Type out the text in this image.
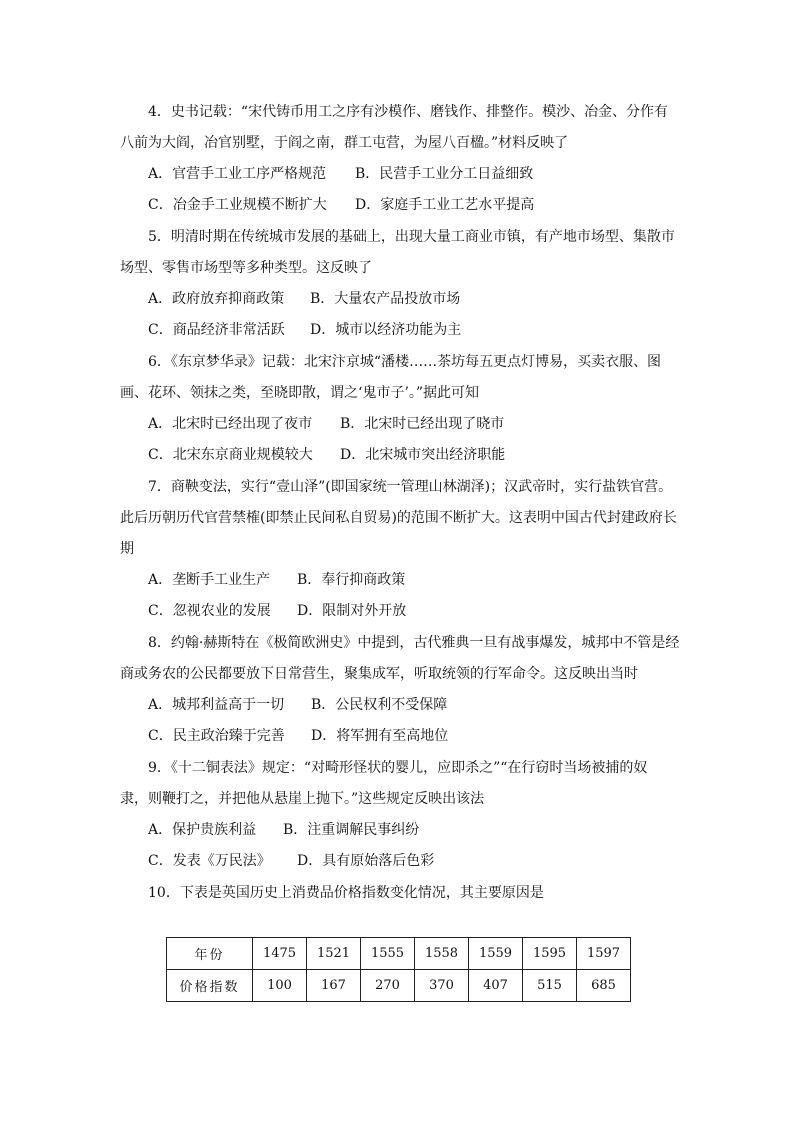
4．史书记载：“宋代铸币用工之序有沙模作、磨钱作、排整作。模沙、冶金、分作有
八前为大阎，冶官别墅，于阎之南，群工屯营，为屋八百楹。”材料反映了
A．官营手工业工序严格规范 B．民营手工业分工日益细致
C．冶金手工业规模不断扩大 D．家庭手工业工艺水平提高
5．明清时期在传统城市发展的基础上，出现大量工商业市镇，有产地市场型、集散市
场型、零售市场型等多种类型。这反映了
A．政府放弃抑商政策 B．大量农产品投放市场
C．商品经济非常活跃 D．城市以经济功能为主
6．《东京梦华录》记载：北宋汴京城“潘楼……茶坊每五更点灯博易，买卖衣服、图
画、花环、领抹之类，至晓即散，谓之‘鬼市子’。”据此可知
A．北宋时已经出现了夜市 B．北宋时已经出现了晓市
C．北宋东京商业规模较大 D．北宋城市突出经济职能
7．商鞅变法，实行“壹山泽”(即国家统一管理山林湖泽)；汉武帝时，实行盐铁官营。
此后历朝历代官营禁榷(即禁止民间私自贸易)的范围不断扩大。这表明中国古代封建政府长
期
A．垄断手工业生产 B．奉行抑商政策
C．忽视农业的发展 D．限制对外开放
8．约翰·赫斯特在《极简欧洲史》中提到，古代雅典一旦有战事爆发，城邦中不管是经
商或务农的公民都要放下日常营生，聚集成军，听取统领的行军命令。这反映出当时
A．城邦利益高于一切 B．公民权利不受保障
C．民主政治臻于完善 D．将军拥有至高地位
9．《十二铜表法》规定：“对畸形怪状的婴儿，应即杀之”“在行窃时当场被捕的奴
隶，则鞭打之，并把他从悬崖上抛下。”这些规定反映出该法
A．保护贵族利益 B．注重调解民事纠纷
C．发表《万民法》 D．具有原始落后色彩
10．下表是英国历史上消费品价格指数变化情况，其主要原因是
年份	1475	1521	1555	1558	1559	1595	1597
价格指数	100	167	270	370	407	515	685
